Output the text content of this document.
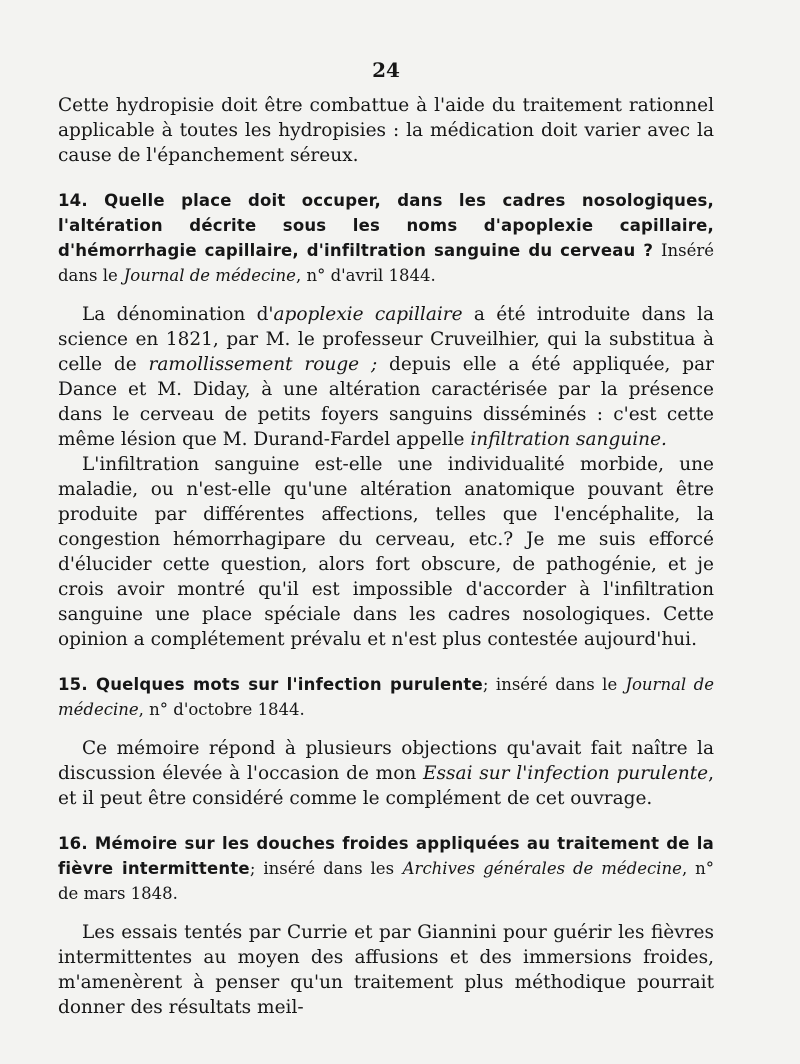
24

Cette hydropisie doit être combattue à l'aide du traitement rationnel applicable à toutes les hydropisies : la médication doit varier avec la cause de l'épanchement séreux.

14. Quelle place doit occuper, dans les cadres nosologiques, l'altération décrite sous les noms d'apoplexie capillaire, d'hémorrhagie capillaire, d'infiltration sanguine du cerveau ? Inséré dans le Journal de médecine, n° d'avril 1844.

La dénomination d'apoplexie capillaire a été introduite dans la science en 1821, par M. le professeur Cruveilhier, qui la substitua à celle de ramollissement rouge ; depuis elle a été appliquée, par Dance et M. Diday, à une altération caractérisée par la présence dans le cerveau de petits foyers sanguins disséminés : c'est cette même lésion que M. Durand-Fardel appelle infiltration sanguine.

L'infiltration sanguine est-elle une individualité morbide, une maladie, ou n'est-elle qu'une altération anatomique pouvant être produite par différentes affections, telles que l'encéphalite, la congestion hémorrhagipare du cerveau, etc.? Je me suis efforcé d'élucider cette question, alors fort obscure, de pathogénie, et je crois avoir montré qu'il est impossible d'accorder à l'infiltration sanguine une place spéciale dans les cadres nosologiques. Cette opinion a complétement prévalu et n'est plus contestée aujourd'hui.

15. Quelques mots sur l'infection purulente; inséré dans le Journal de médecine, n° d'octobre 1844.

Ce mémoire répond à plusieurs objections qu'avait fait naître la discussion élevée à l'occasion de mon Essai sur l'infection purulente, et il peut être considéré comme le complément de cet ouvrage.

16. Mémoire sur les douches froides appliquées au traitement de la fièvre intermittente; inséré dans les Archives générales de médecine, n° de mars 1848.

Les essais tentés par Currie et par Giannini pour guérir les fièvres intermittentes au moyen des affusions et des immersions froides, m'amenèrent à penser qu'un traitement plus méthodique pourrait donner des résultats meil-
